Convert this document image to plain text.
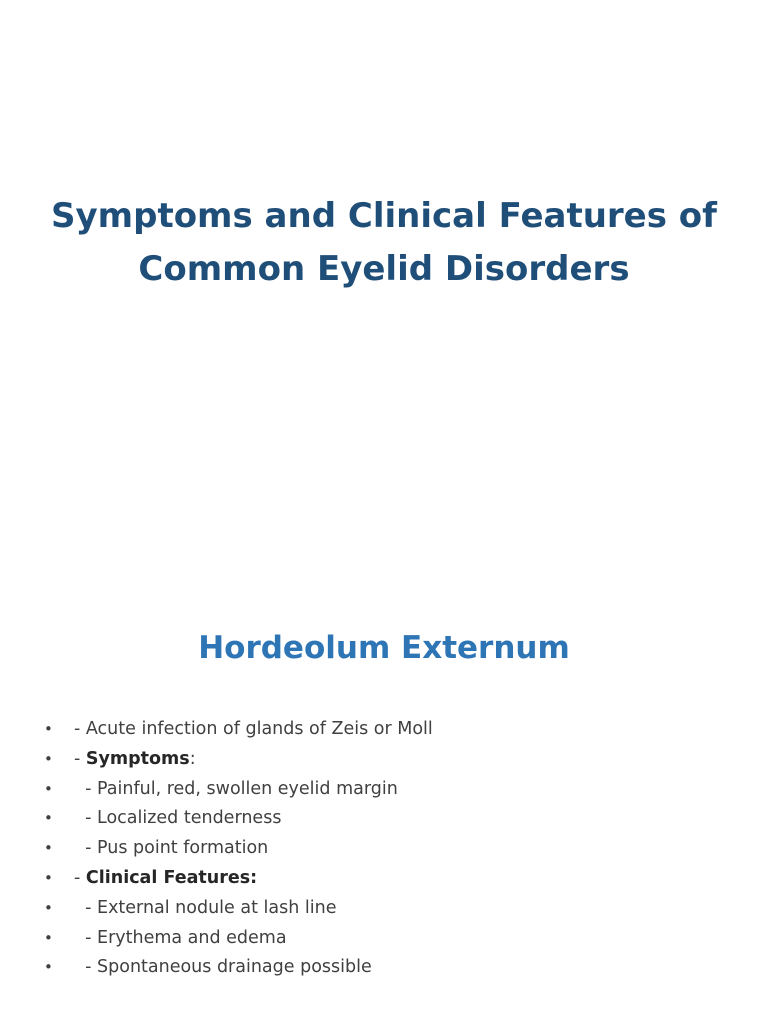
Symptoms and Clinical Features of
Common Eyelid Disorders
Hordeolum Externum
• - Acute infection of glands of Zeis or Moll
• - Symptoms:
• - Painful, red, swollen eyelid margin
• - Localized tenderness
• - Pus point formation
• - Clinical Features:
• - External nodule at lash line
• - Erythema and edema
• - Spontaneous drainage possible
